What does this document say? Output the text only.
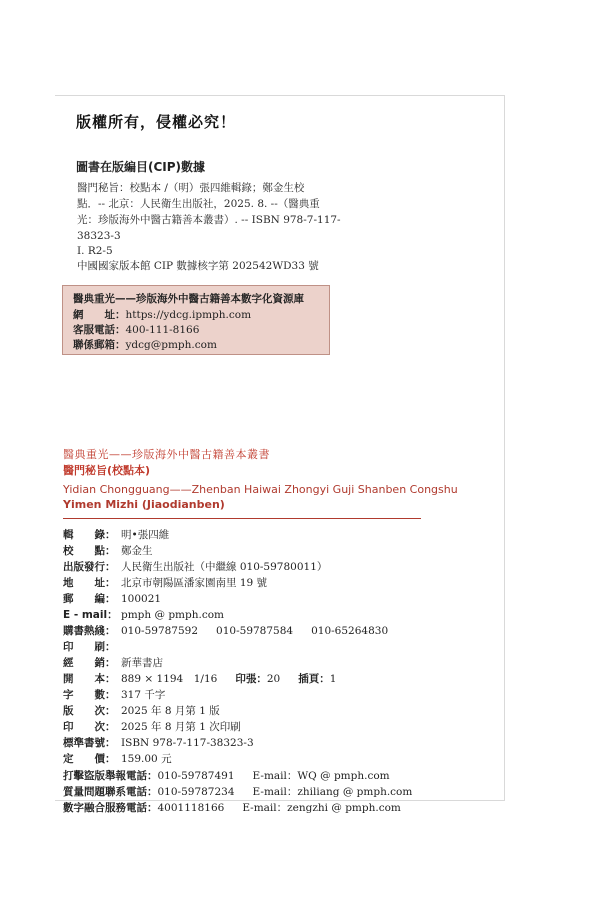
版權所有，侵權必究！
圖書在版編目(CIP)數據
醫門秘旨：校點本 /（明）張四維輯錄；鄭金生校
點．-- 北京：人民衛生出版社，2025. 8. --（醫典重
光：珍版海外中醫古籍善本叢書）. -- ISBN 978-7-117-
38323-3
Ⅰ. R2-5
中國國家版本館 CIP 數據核字第 202542WD33 號
醫典重光——珍版海外中醫古籍善本數字化資源庫
網　　址：https://ydcg.ipmph.com
客服電話：400-111-8166
聯係郵箱：ydcg@pmph.com
醫典重光——珍版海外中醫古籍善本叢書
醫門秘旨(校點本)
Yidian Chongguang——Zhenban Haiwai Zhongyi Guji Shanben Congshu
Yimen Mizhi (Jiaodianben)
輯　　錄： 明•張四維
校　　點： 鄭金生
出版發行： 人民衛生出版社（中繼線 010-59780011）
地　　址： 北京市朝陽區潘家園南里 19 號
郵　　編： 100021
E - mail： pmph @ pmph.com
購書熱綫： 010-59787592 010-59787584 010-65264830
印　　刷：
經　　銷： 新華書店
開　　本： 889 × 1194　1/16 印張：20 插頁：1
字　　數： 317 千字
版　　次： 2025 年 8 月第 1 版
印　　次： 2025 年 8 月第 1 次印刷
標準書號： ISBN 978-7-117-38323-3
定　　價： 159.00 元
打擊盜版舉報電話：010-59787491 E-mail：WQ @ pmph.com
質量問題聯系電話：010-59787234 E-mail：zhiliang @ pmph.com
數字融合服務電話：4001118166 E-mail：zengzhi @ pmph.com
